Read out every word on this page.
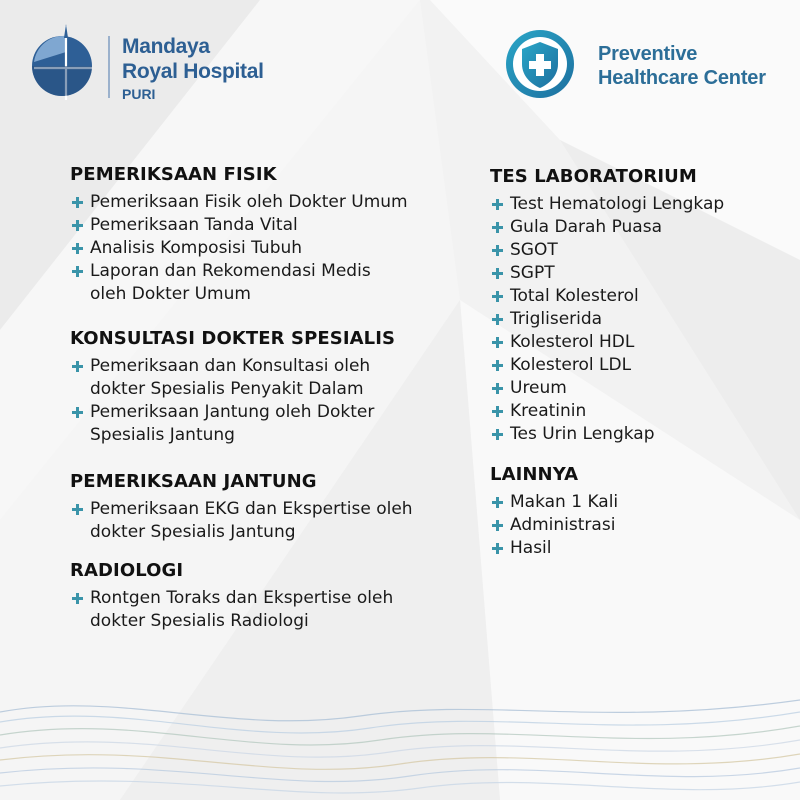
Mandaya
Royal Hospital
PURI
Preventive
Healthcare Center
PEMERIKSAAN FISIK
Pemeriksaan Fisik oleh Dokter Umum
Pemeriksaan Tanda Vital
Analisis Komposisi Tubuh
Laporan dan Rekomendasi Medis
oleh Dokter Umum
KONSULTASI DOKTER SPESIALIS
Pemeriksaan dan Konsultasi oleh
dokter Spesialis Penyakit Dalam
Pemeriksaan Jantung oleh Dokter
Spesialis Jantung
PEMERIKSAAN JANTUNG
Pemeriksaan EKG dan Ekspertise oleh
dokter Spesialis Jantung
RADIOLOGI
Rontgen Toraks dan Ekspertise oleh
dokter Spesialis Radiologi
TES LABORATORIUM
Test Hematologi Lengkap
Gula Darah Puasa
SGOT
SGPT
Total Kolesterol
Trigliserida
Kolesterol HDL
Kolesterol LDL
Ureum
Kreatinin
Tes Urin Lengkap
LAINNYA
Makan 1 Kali
Administrasi
Hasil
